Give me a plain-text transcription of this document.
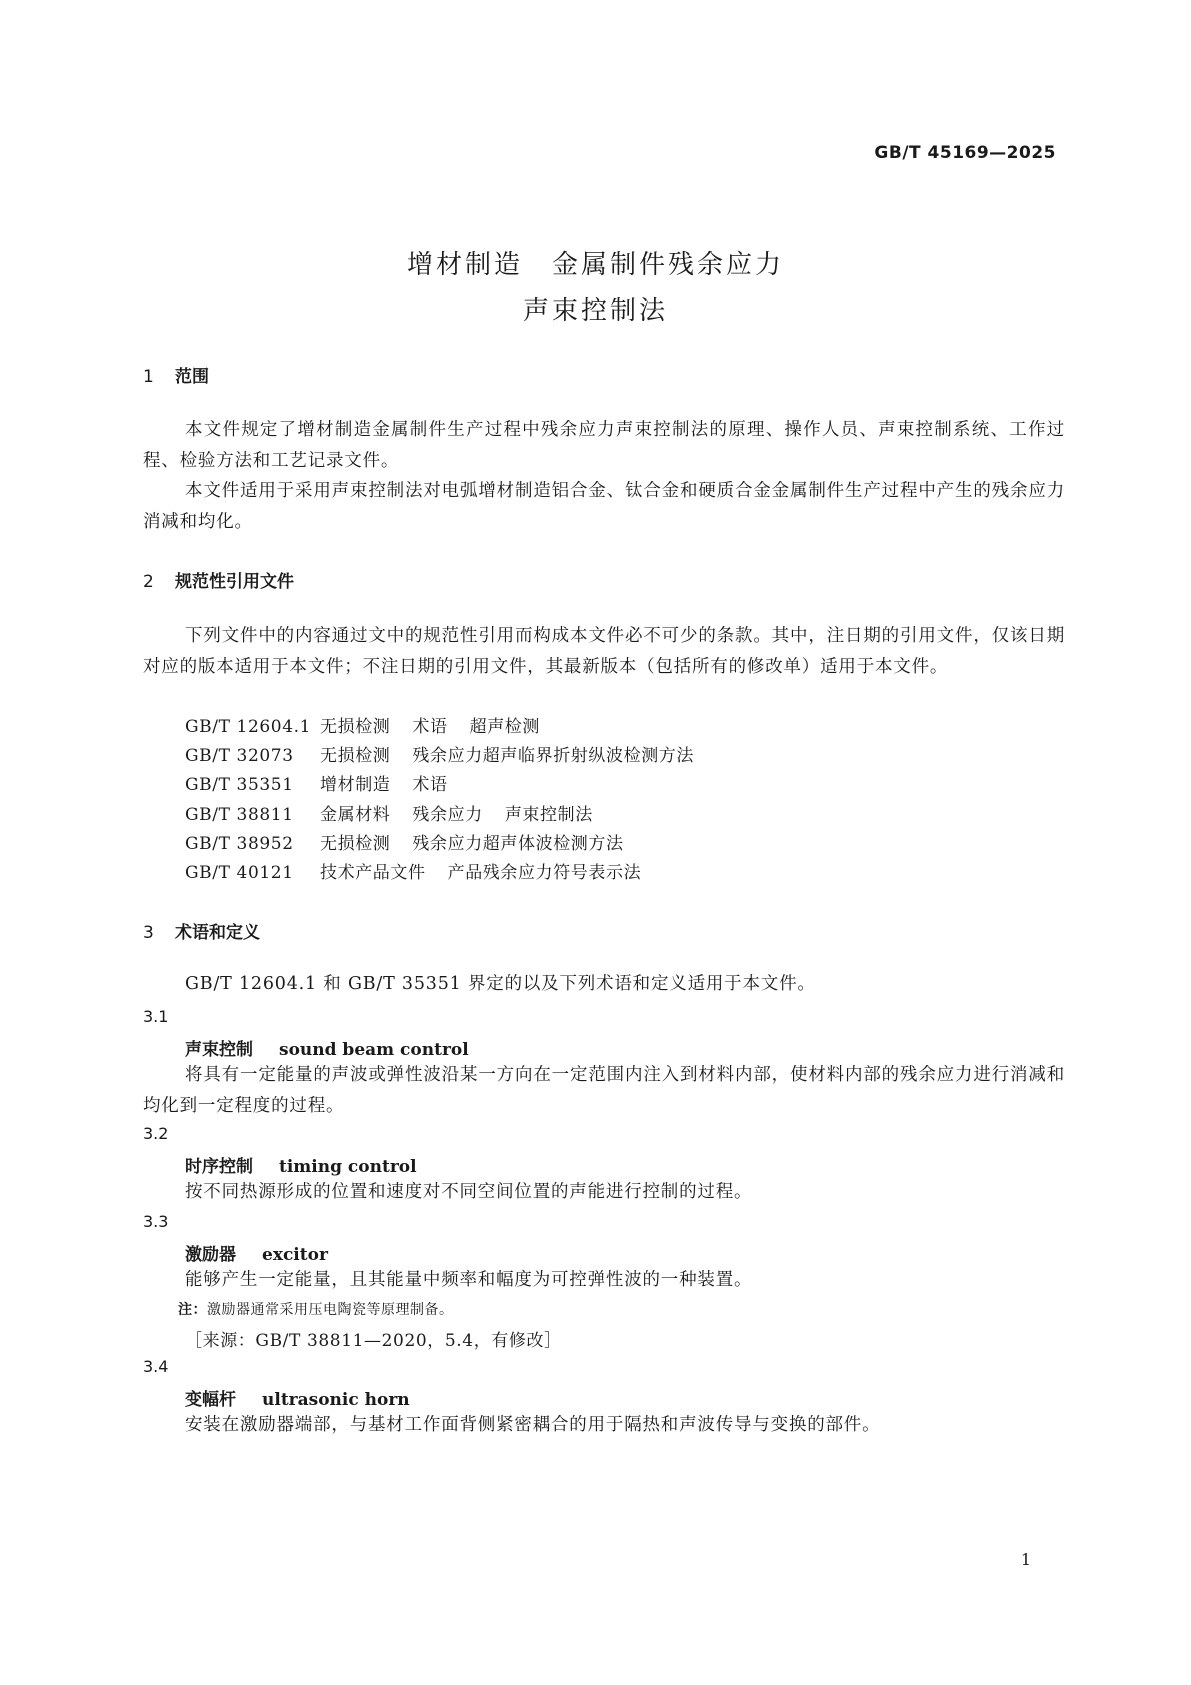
GB/T 45169—2025
增材制造　金属制件残余应力
声束控制法
1 范围
本文件规定了增材制造金属制件生产过程中残余应力声束控制法的原理、操作人员、声束控制系统、工作过程、检验方法和工艺记录文件。
本文件适用于采用声束控制法对电弧增材制造铝合金、钛合金和硬质合金金属制件生产过程中产生的残余应力消减和均化。
2 规范性引用文件
下列文件中的内容通过文中的规范性引用而构成本文件必不可少的条款。其中，注日期的引用文件，仅该日期对应的版本适用于本文件；不注日期的引用文件，其最新版本（包括所有的修改单）适用于本文件。
GB/T 12604.1 无损检测 术语 超声检测
GB/T 32073 无损检测 残余应力超声临界折射纵波检测方法
GB/T 35351 增材制造 术语
GB/T 38811 金属材料 残余应力 声束控制法
GB/T 38952 无损检测 残余应力超声体波检测方法
GB/T 40121 技术产品文件 产品残余应力符号表示法
3 术语和定义
GB/T 12604.1 和 GB/T 35351 界定的以及下列术语和定义适用于本文件。
3.1
声束控制 sound beam control
将具有一定能量的声波或弹性波沿某一方向在一定范围内注入到材料内部，使材料内部的残余应力进行消减和均化到一定程度的过程。
3.2
时序控制 timing control
按不同热源形成的位置和速度对不同空间位置的声能进行控制的过程。
3.3
激励器 excitor
能够产生一定能量，且其能量中频率和幅度为可控弹性波的一种装置。
注：激励器通常采用压电陶瓷等原理制备。
［来源：GB/T 38811—2020，5.4，有修改］
3.4
变幅杆 ultrasonic horn
安装在激励器端部，与基材工作面背侧紧密耦合的用于隔热和声波传导与变换的部件。
1
